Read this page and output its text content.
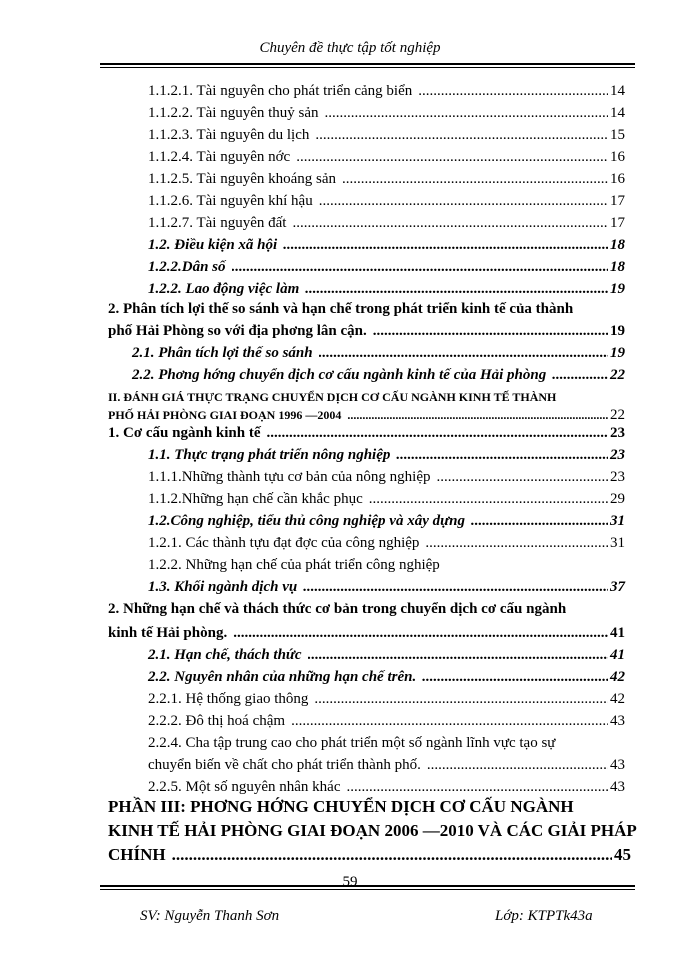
Chuyên đề thực tập tốt nghiệp
1.1.2.1. Tài nguyên cho phát triển cảng biển .....	14
1.1.2.2. Tài nguyên thuỷ sản .....	14
1.1.2.3. Tài nguyên du lịch .....	15
1.1.2.4. Tài nguyên nớc .....	16
1.1.2.5. Tài nguyên khoáng sản .....	16
1.1.2.6. Tài nguyên khí hậu .....	17
1.1.2.7. Tài nguyên đất .....	17
1.2. Điều kiện xã hội .....	18
1.2.2.Dân số .....	18
1.2.2. Lao động việc làm .....	19
2. Phân tích lợi thế so sánh và hạn chế trong phát triển kinh tế của thành
phố Hải Phòng so với địa phơng lân cận. .....	19
2.1. Phân tích lợi thế so sánh .....	19
2.2. Phơng hớng chuyển dịch cơ cấu ngành kinh tế của Hải phòng .....	22
II. ĐÁNH GIÁ THỰC TRẠNG CHUYỂN DỊCH CƠ CẤU NGÀNH KINH TẾ THÀNH
PHỐ HẢI PHÒNG GIAI ĐOẠN 1996 —2004 .....	22
1. Cơ cấu ngành kinh tế .....	23
1.1. Thực trạng phát triển nông nghiệp .....	23
1.1.1.Những thành tựu cơ bản của nông nghiệp .....	23
1.1.2.Những hạn chế cần khắc phục .....	29
1.2.Công nghiệp, tiểu thủ công nghiệp và xây dựng .....	31
1.2.1. Các thành tựu đạt đợc của công nghiệp .....	31
1.2.2. Những hạn chế của phát triển công nghiệp
1.3. Khối ngành dịch vụ .....	37
2. Những hạn chế và thách thức cơ bản trong chuyển dịch cơ cấu ngành
kinh tế Hải phòng. .....	41
2.1. Hạn chế, thách thức .....	41
2.2. Nguyên nhân của những hạn chế trên. .....	42
2.2.1. Hệ thống giao thông .....	42
2.2.2. Đô thị hoá chậm .....	43
2.2.4. Cha tập trung cao cho phát triển một số ngành lĩnh vực tạo sự
chuyển biến về chất cho phát triển thành phố. .....	43
2.2.5. Một số nguyên nhân khác .....	43
PHẦN III: PHƠNG HỚNG CHUYỂN DỊCH CƠ CẤU NGÀNH
KINH TẾ HẢI PHÒNG GIAI ĐOẠN 2006 —2010 VÀ CÁC GIẢI PHÁP
CHÍNH .....	45
59
SV: Nguyễn Thanh Sơn	Lớp: KTPTk43a
